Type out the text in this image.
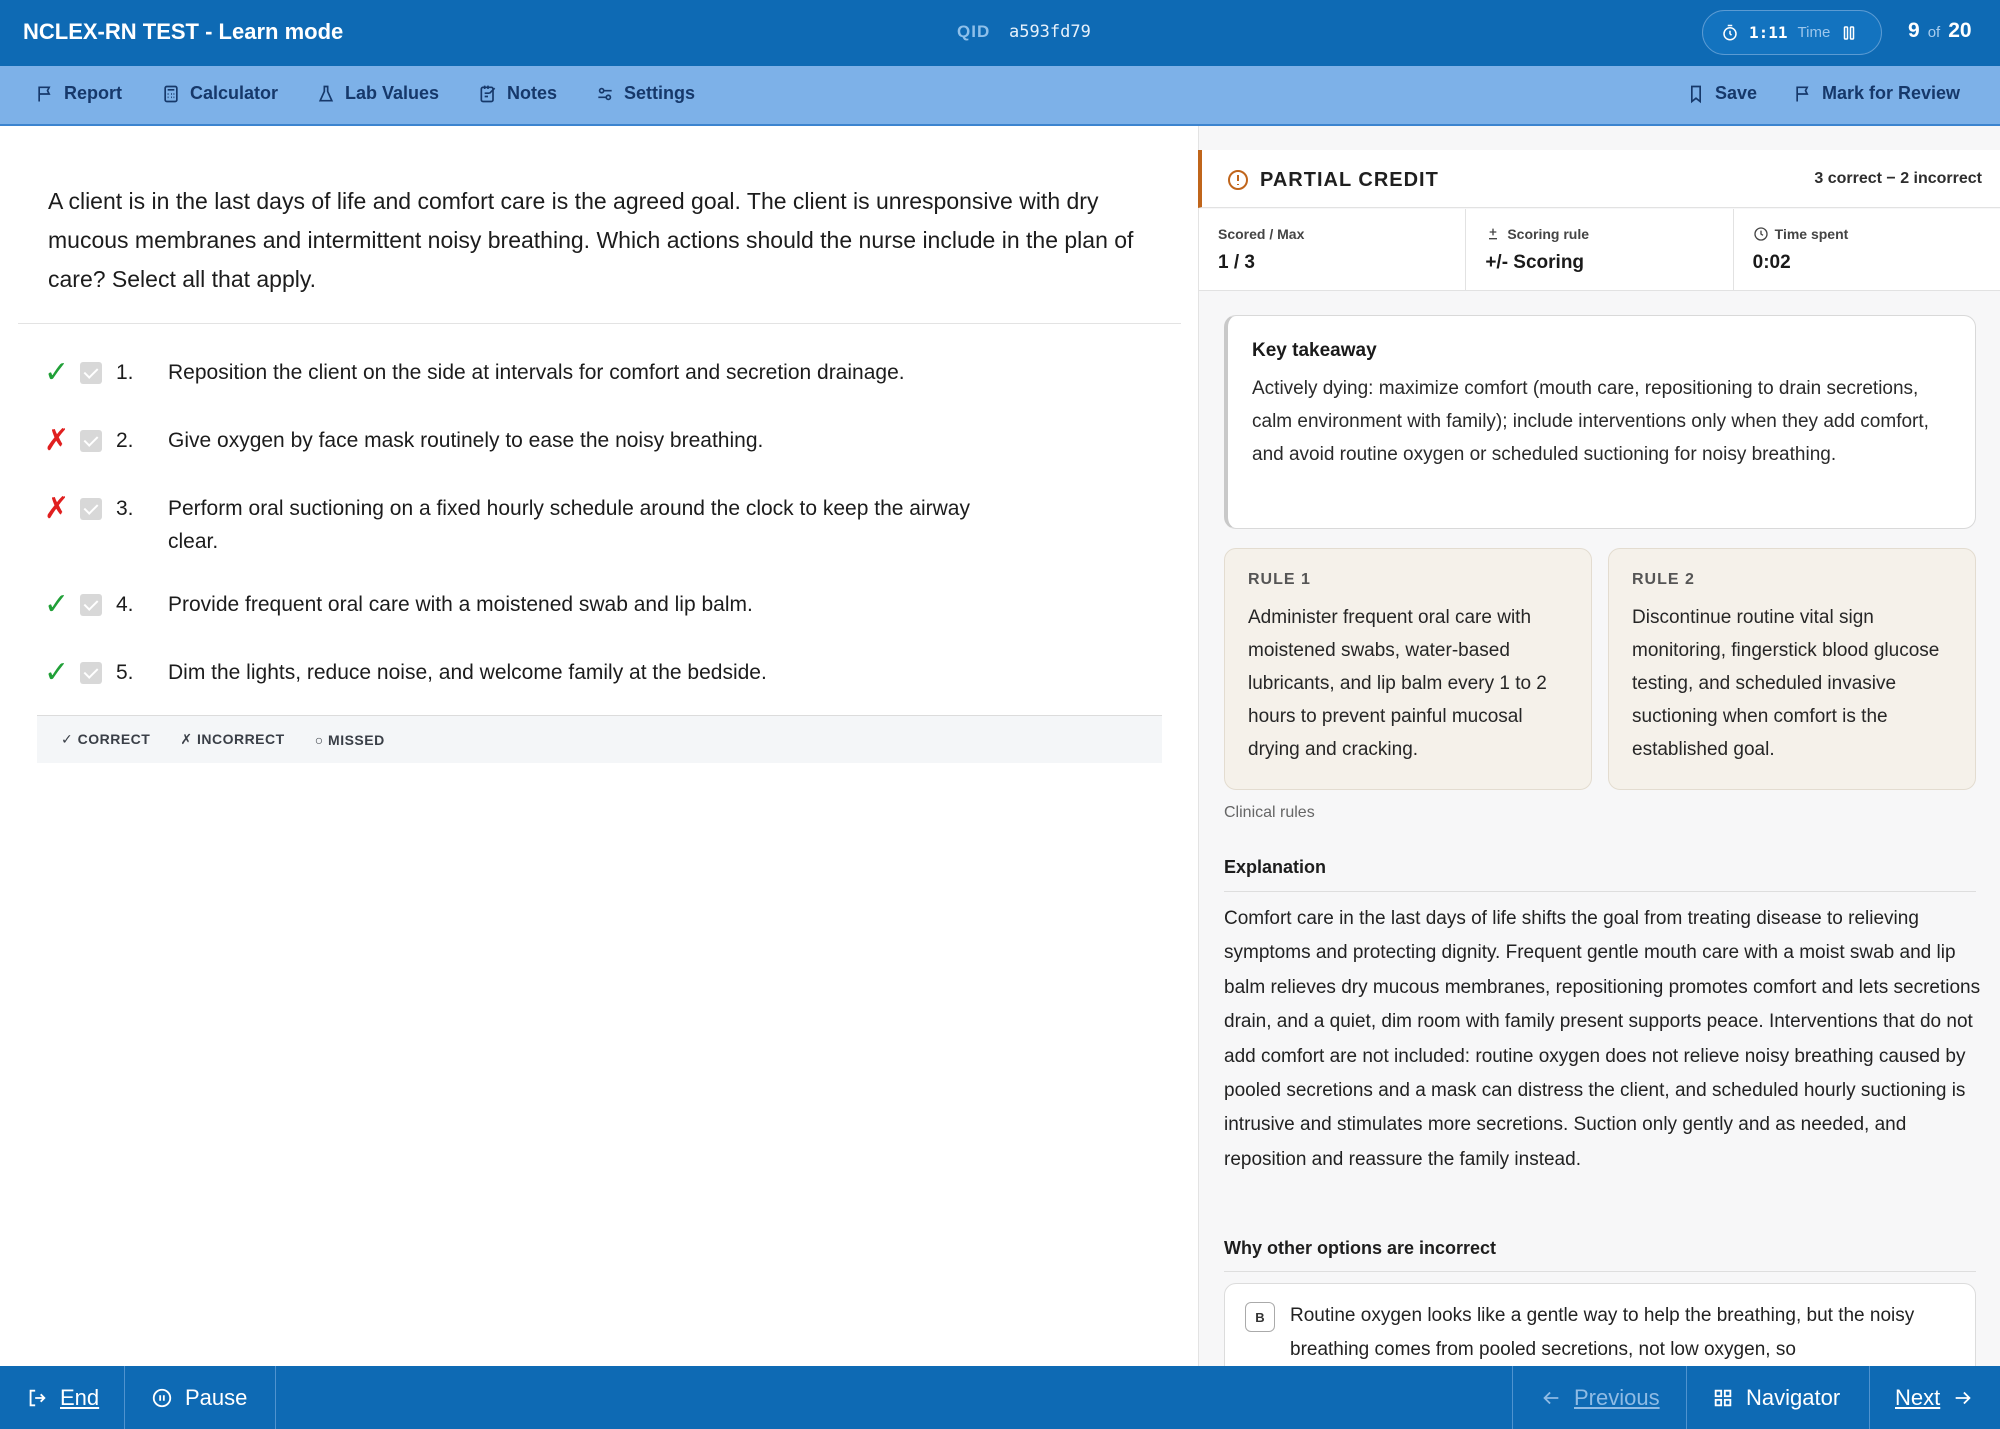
NCLEX-RN TEST - Learn mode	QID a593fd79	1:11 Time	9 of 20
Report	Calculator	Lab Values	Notes	Settings	Save	Mark for Review
A client is in the last days of life and comfort care is the agreed goal. The client is unresponsive with dry mucous membranes and intermittent noisy breathing. Which actions should the nurse include in the plan of care? Select all that apply.
✓ 1.	Reposition the client on the side at intervals for comfort and secretion drainage.
✗ 2.	Give oxygen by face mask routinely to ease the noisy breathing.
✗ 3.	Perform oral suctioning on a fixed hourly schedule around the clock to keep the airway clear.
✓ 4.	Provide frequent oral care with a moistened swab and lip balm.
✓ 5.	Dim the lights, reduce noise, and welcome family at the bedside.
✓ CORRECT ✗ INCORRECT ○ MISSED
PARTIAL CREDIT	3 correct − 2 incorrect
Scored / Max
1 / 3
Scoring rule
+/- Scoring
Time spent
0:02
Key takeaway
Actively dying: maximize comfort (mouth care, repositioning to drain secretions, calm environment with family); include interventions only when they add comfort, and avoid routine oxygen or scheduled suctioning for noisy breathing.
RULE 1
Administer frequent oral care with moistened swabs, water-based lubricants, and lip balm every 1 to 2 hours to prevent painful mucosal drying and cracking.
RULE 2
Discontinue routine vital sign monitoring, fingerstick blood glucose testing, and scheduled invasive suctioning when comfort is the established goal.
Clinical rules
Explanation
Comfort care in the last days of life shifts the goal from treating disease to relieving symptoms and protecting dignity. Frequent gentle mouth care with a moist swab and lip balm relieves dry mucous membranes, repositioning promotes comfort and lets secretions drain, and a quiet, dim room with family present supports peace. Interventions that do not add comfort are not included: routine oxygen does not relieve noisy breathing caused by pooled secretions and a mask can distress the client, and scheduled hourly suctioning is intrusive and stimulates more secretions. Suction only gently and as needed, and reposition and reassure the family instead.
Why other options are incorrect
B	Routine oxygen looks like a gentle way to help the breathing, but the noisy breathing comes from pooled secretions, not low oxygen, so
End	Pause	Previous	Navigator Next
